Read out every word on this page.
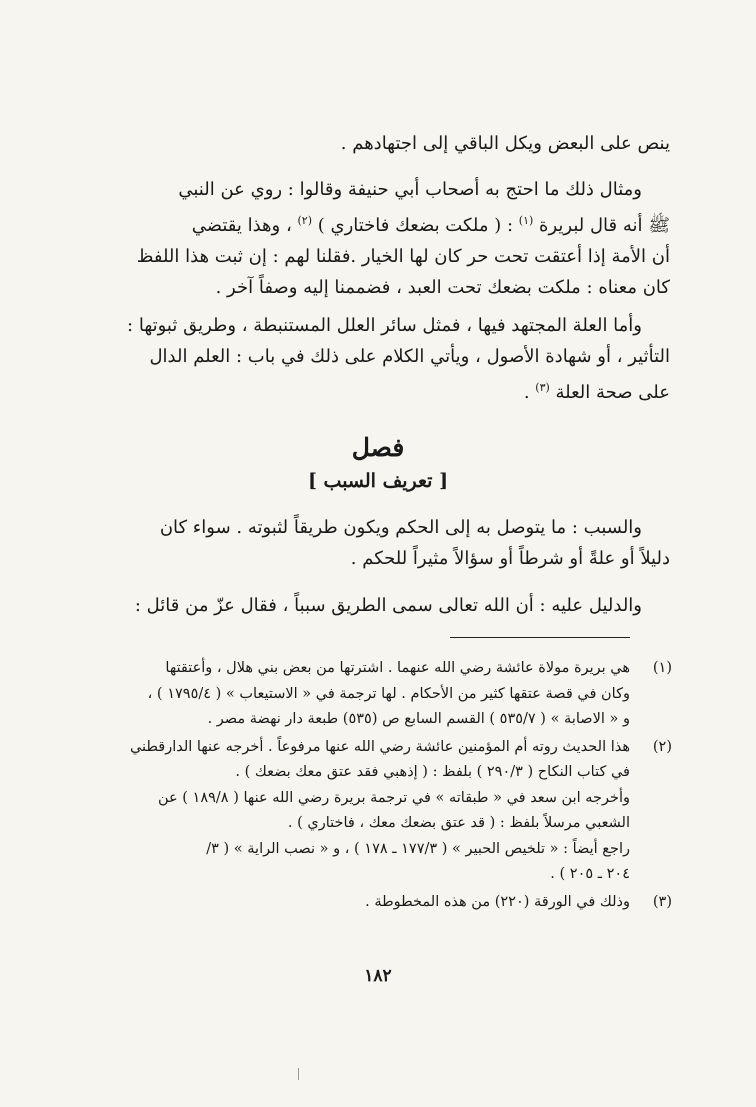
ينص على البعض ويكل الباقي إلى اجتهادهم .

ومثال ذلك ما احتج به أصحاب أبي حنيفة وقالوا : روي عن النبي

ﷺ أنه قال لبريرة $^{(١)}$ : ( ملكت بضعك فاختاري ) $^{(٢)}$ ، وهذا يقتضي

أن الأمة إذا أعتقت تحت حر كان لها الخيار .فقلنا لهم : إن ثبت هذا اللفظ

كان معناه : ملكت بضعك تحت العبد ، فضممنا إليه وصفاً آخر .

وأما العلة المجتهد فيها ، فمثل سائر العلل المستنبطة ، وطريق ثبوتها :

التأثير ، أو شهادة الأصول ، ويأتي الكلام على ذلك في باب : العلم الدال

على صحة العلة $^{(٣)}$ .

فصل
[ تعريف السبب ]

والسبب : ما يتوصل به إلى الحكم ويكون طريقاً لثبوته . سواء كان

دليلاً أو علةً أو شرطاً أو سؤالاً مثيراً للحكم .

والدليل عليه : أن الله تعالى سمى الطريق سبباً ، فقال عزّ من قائل :

(١)
هي بريرة مولاة عائشة رضي الله عنهما . اشترتها من بعض بني هلال ، وأعتقتها
وكان في قصة عتقها كثير من الأحكام . لها ترجمة في « الاستيعاب » ( ١٧٩٥/٤ ) ،
و « الاصابة » ( ٥٣٥/٧ ) القسم السابع ص (٥٣٥) طبعة دار نهضة مصر .
(٢)
هذا الحديث روته أم المؤمنين عائشة رضي الله عنها مرفوعاً . أخرجه عنها الدارقطني
في كتاب النكاح ( ٢٩٠/٣ ) بلفظ : ( إذهبي فقد عتق معك بضعك ) .
وأخرجه ابن سعد في « طبقاته » في ترجمة بريرة رضي الله عنها ( ١٨٩/٨ ) عن
الشعبي مرسلاً بلفظ : ( قد عتق بضعك معك ، فاختاري ) .
راجع أيضاً : « تلخيص الحبير » ( ١٧٧/٣ ـ ١٧٨ ) ، و « نصب الراية » ( ٣/
٢٠٤ ـ ٢٠٥ ) .
(٣)
وذلك في الورقة (٢٢٠) من هذه المخطوطة .
١٨٢
